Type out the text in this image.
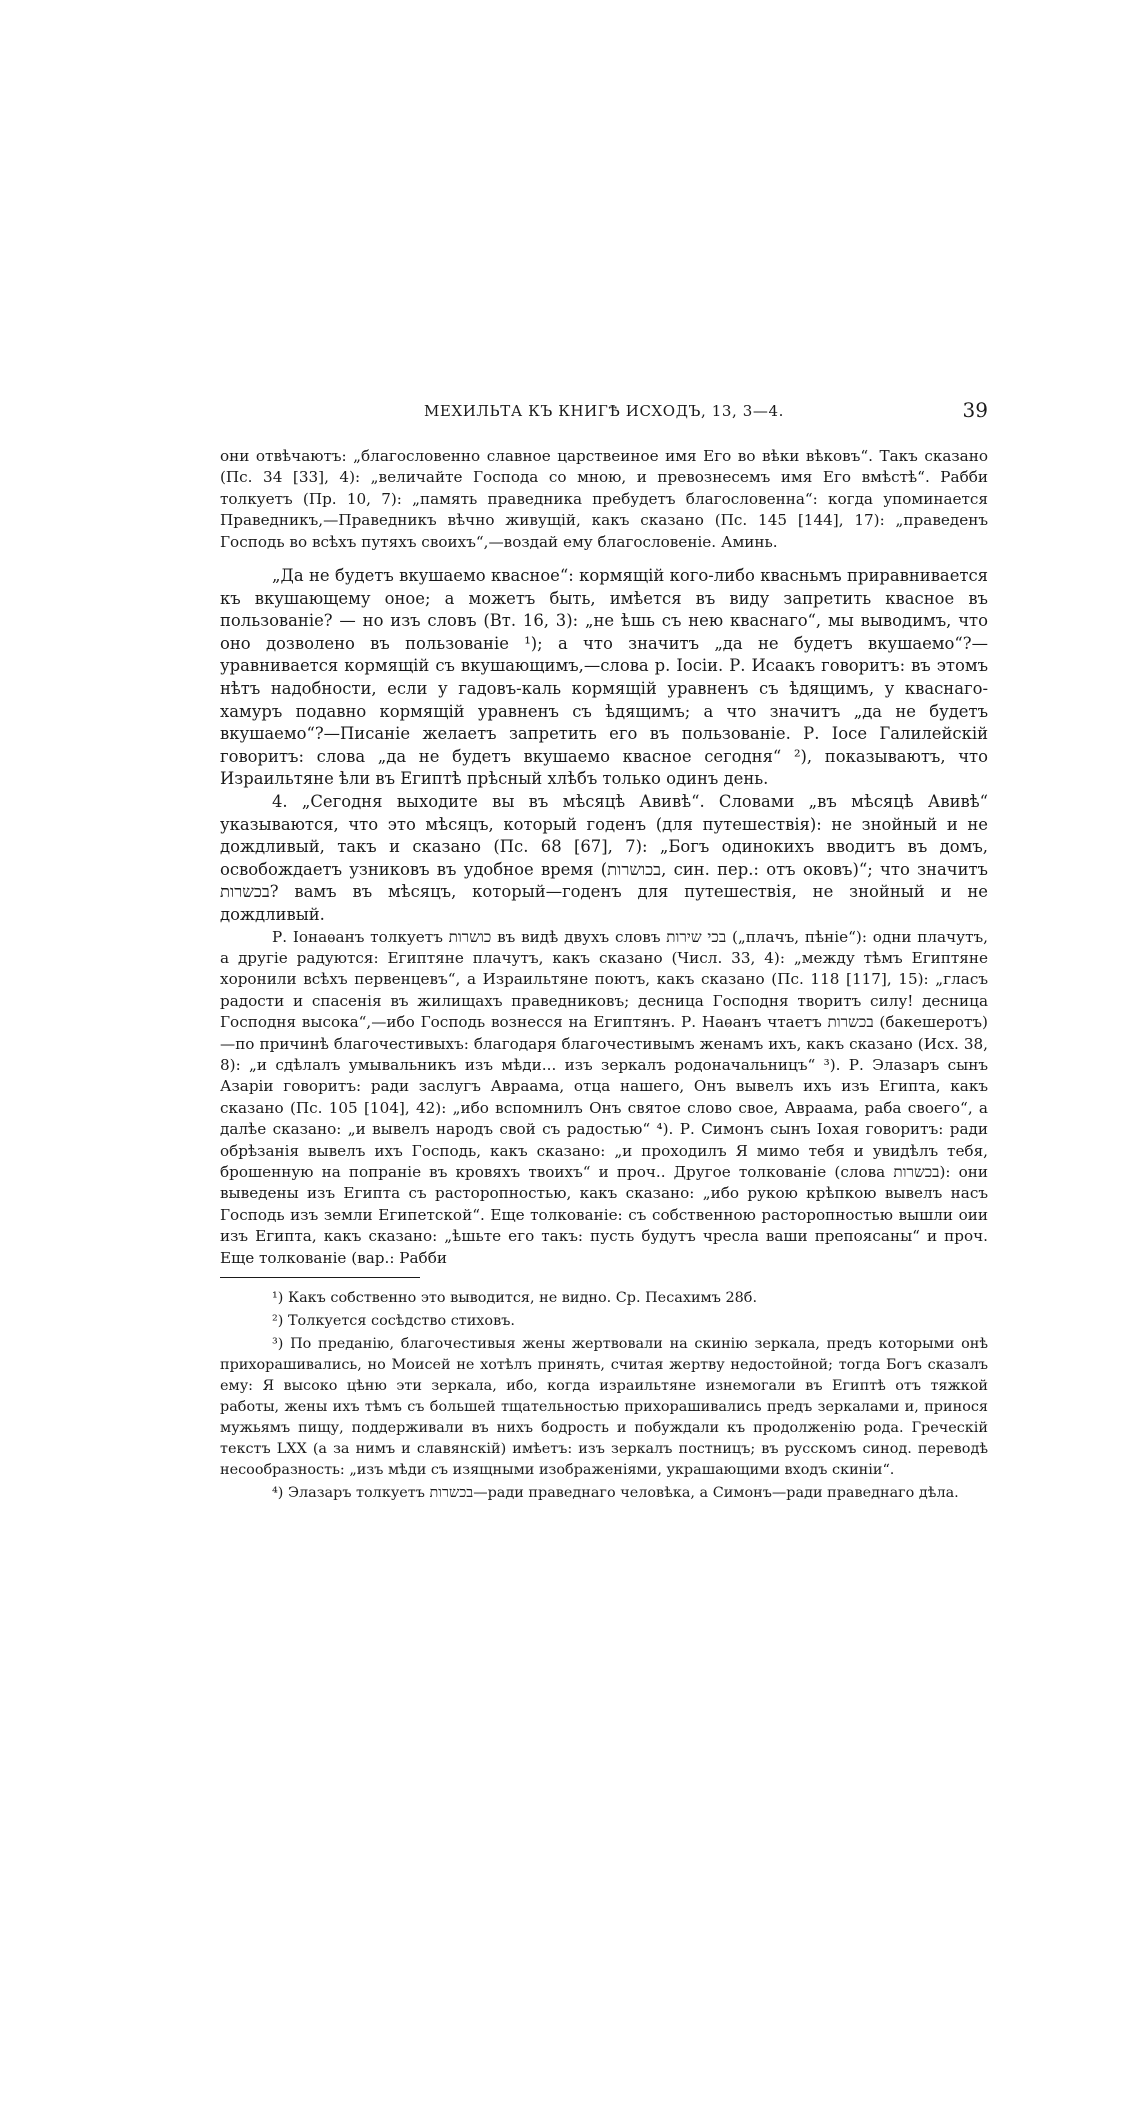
МЕХИЛЬТА КЪ КНИГѢ ИСХОДЪ, 13, 3—4.	39

они отвѣчаютъ: „благословенно славное царствеиное имя Его во вѣки вѣковъ“. Такъ сказано (Пс. 34 [33], 4): „величайте Господа со мною, и превознесемъ имя Его вмѣстѣ“. Рабби толкуетъ (Пр. 10, 7): „память праведника пребудетъ благословенна“: когда упоминается Праведникъ,—Праведникъ вѣчно живущій, какъ сказано (Пс. 145 [144], 17): „праведенъ Господь во всѣхъ путяхъ своихъ“,—воздай ему благословеніе. Аминь.

„Да не будетъ вкушаемо квасное“: кормящій кого-либо квасньмъ приравнивается къ вкушающему оное; а можетъ быть, имѣется въ виду запретить квасное въ пользованіе? — но изъ словъ (Вт. 16, 3): „не ѣшь съ нею кваснаго“, мы выводимъ, что оно дозволено въ пользованіе ¹); а что значитъ „да не будетъ вкушаемо“?—уравнивается кормящій съ вкушающимъ,—слова р. Іосіи. Р. Исаакъ говоритъ: въ этомъ нѣтъ надобности, если у гадовъ-каль кормящій уравненъ съ ѣдящимъ, у кваснаго-хамуръ подавно кормящій уравненъ съ ѣдящимъ; а что значитъ „да не будетъ вкушаемо“?—Писаніе желаетъ запретить его въ пользованіе. Р. Іосе Галилейскій говоритъ: слова „да не будетъ вкушаемо квасное сегодня“ ²), показываютъ, что Израильтяне ѣли въ Египтѣ прѣсный хлѣбъ только одинъ день.

4. „Сегодня выходите вы въ мѣсяцѣ Авивѣ“. Словами „въ мѣсяцѣ Авивѣ“ указываются, что это мѣсяцъ, который годенъ (для путешествія): не знойный и не дождливый, такъ и сказано (Пс. 68 [67], 7): „Богъ одинокихъ вводитъ въ домъ, освобождаетъ узниковъ въ удобное время (בכושרות, син. пер.: отъ оковъ)“; что значитъ בכשרות? вамъ въ мѣсяцъ, который—годенъ для путешествія, не знойный и не дождливый.

Р. Іонаѳанъ толкуетъ כושרות въ видѣ двухъ словъ בכי שירות („плачъ, пѣніе“): одни плачутъ, а другіе радуются: Египтяне плачутъ, какъ сказано (Числ. 33, 4): „между тѣмъ Египтяне хоронили всѣхъ первенцевъ“, а Израильтяне поютъ, какъ сказано (Пс. 118 [117], 15): „гласъ радости и спасенія въ жилищахъ праведниковъ; десница Господня творитъ силу! десница Господня высока“,—ибо Господь вознесся на Египтянъ. Р. Наѳанъ чтаетъ בכשרות (бакешеротъ)—по причинѣ благочестивыхъ: благодаря благочестивымъ женамъ ихъ, какъ сказано (Исх. 38, 8): „и сдѣлалъ умывальникъ изъ мѣди... изъ зеркалъ родоначальницъ“ ³). Р. Элазаръ сынъ Азаріи говоритъ: ради заслугъ Авраама, отца нашего, Онъ вывелъ ихъ изъ Египта, какъ сказано (Пс. 105 [104], 42): „ибо вспомнилъ Онъ святое слово свое, Авраама, раба своего“, а далѣе сказано: „и вывелъ народъ свой съ радостью“ ⁴). Р. Симонъ сынъ Іохая говоритъ: ради обрѣзанія вывелъ ихъ Господь, какъ сказано: „и проходилъ Я мимо тебя и увидѣлъ тебя, брошенную на попраніе въ кровяхъ твоихъ“ и проч.. Другое толкованіе (слова בכשרות): они выведены изъ Египта съ расторопностью, какъ сказано: „ибо рукою крѣпкою вывелъ насъ Господь изъ земли Египетской“. Еще толкованіе: съ собственною расторопностью вышли оии изъ Египта, какъ сказано: „ѣшьте его такъ: пусть будутъ чресла ваши препоясаны“ и проч. Еще толкованіе (вар.: Рабби

¹) Какъ собственно это выводится, не видно. Ср. Песахимъ 28б.

²) Толкуется сосѣдство стиховъ.

³) По преданію, благочестивыя жены жертвовали на скинію зеркала, предъ которыми онѣ прихорашивались, но Моисей не хотѣлъ принять, считая жертву недостойной; тогда Богъ сказалъ ему: Я высоко цѣню эти зеркала, ибо, когда израильтяне изнемогали въ Египтѣ отъ тяжкой работы, жены ихъ тѣмъ съ большей тщательностью прихорашивались предъ зеркалами и, принося мужьямъ пищу, поддерживали въ нихъ бодрость и побуждали къ продолженію рода. Греческій текстъ LXX (а за нимъ и славянскій) имѣетъ: изъ зеркалъ постницъ; въ русскомъ синод. переводѣ несообразность: „изъ мѣди съ изящными изображеніями, украшающими входъ скиніи“.

⁴) Элазаръ толкуетъ בכשרות—ради праведнаго человѣка, а Симонъ—ради праведнаго дѣла.
